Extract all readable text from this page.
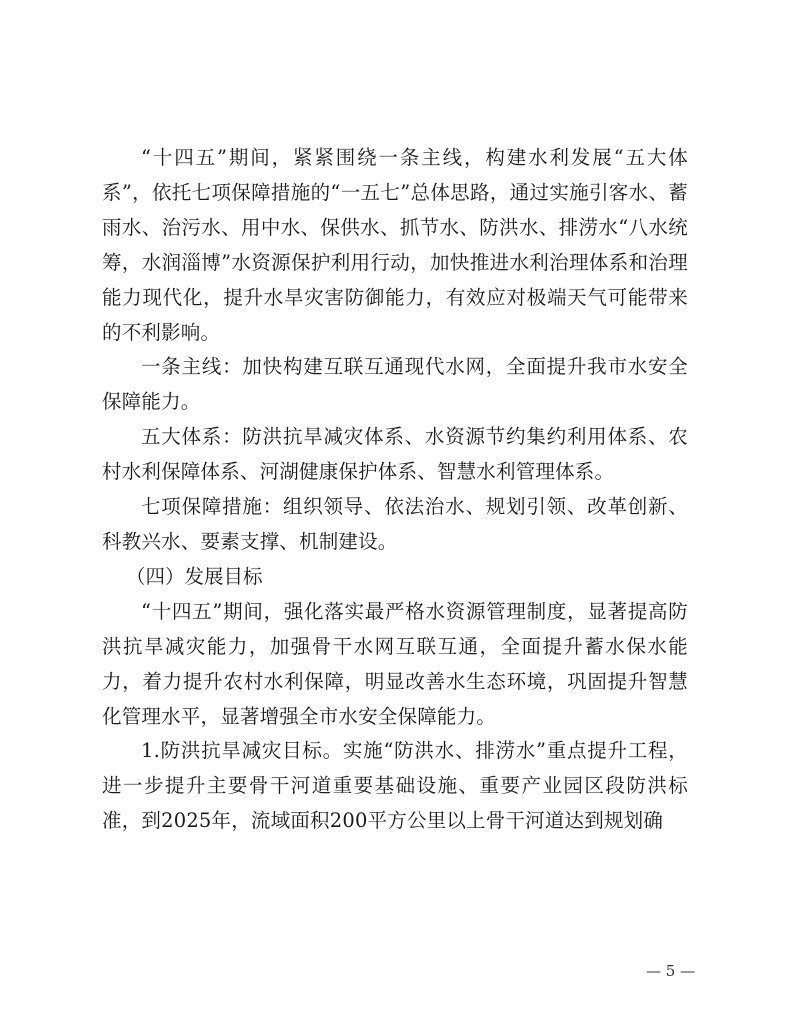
“十四五”期间，紧紧围绕一条主线，构建水利发展“五大体系”，依托七项保障措施的“一五七”总体思路，通过实施引客水、蓄雨水、治污水、用中水、保供水、抓节水、防洪水、排涝水“八水统筹，水润淄博”水资源保护利用行动，加快推进水利治理体系和治理能力现代化，提升水旱灾害防御能力，有效应对极端天气可能带来的不利影响。

一条主线：加快构建互联互通现代水网，全面提升我市水安全保障能力。

五大体系：防洪抗旱减灾体系、水资源节约集约利用体系、农村水利保障体系、河湖健康保护体系、智慧水利管理体系。

七项保障措施：组织领导、依法治水、规划引领、改革创新、科教兴水、要素支撑、机制建设。

（四）发展目标

“十四五”期间，强化落实最严格水资源管理制度，显著提高防洪抗旱减灾能力，加强骨干水网互联互通，全面提升蓄水保水能力，着力提升农村水利保障，明显改善水生态环境，巩固提升智慧化管理水平，显著增强全市水安全保障能力。

1.防洪抗旱减灾目标。实施“防洪水、排涝水”重点提升工程，进一步提升主要骨干河道重要基础设施、重要产业园区段防洪标准，到2025年，流域面积200平方公里以上骨干河道达到规划确

— 5 —
